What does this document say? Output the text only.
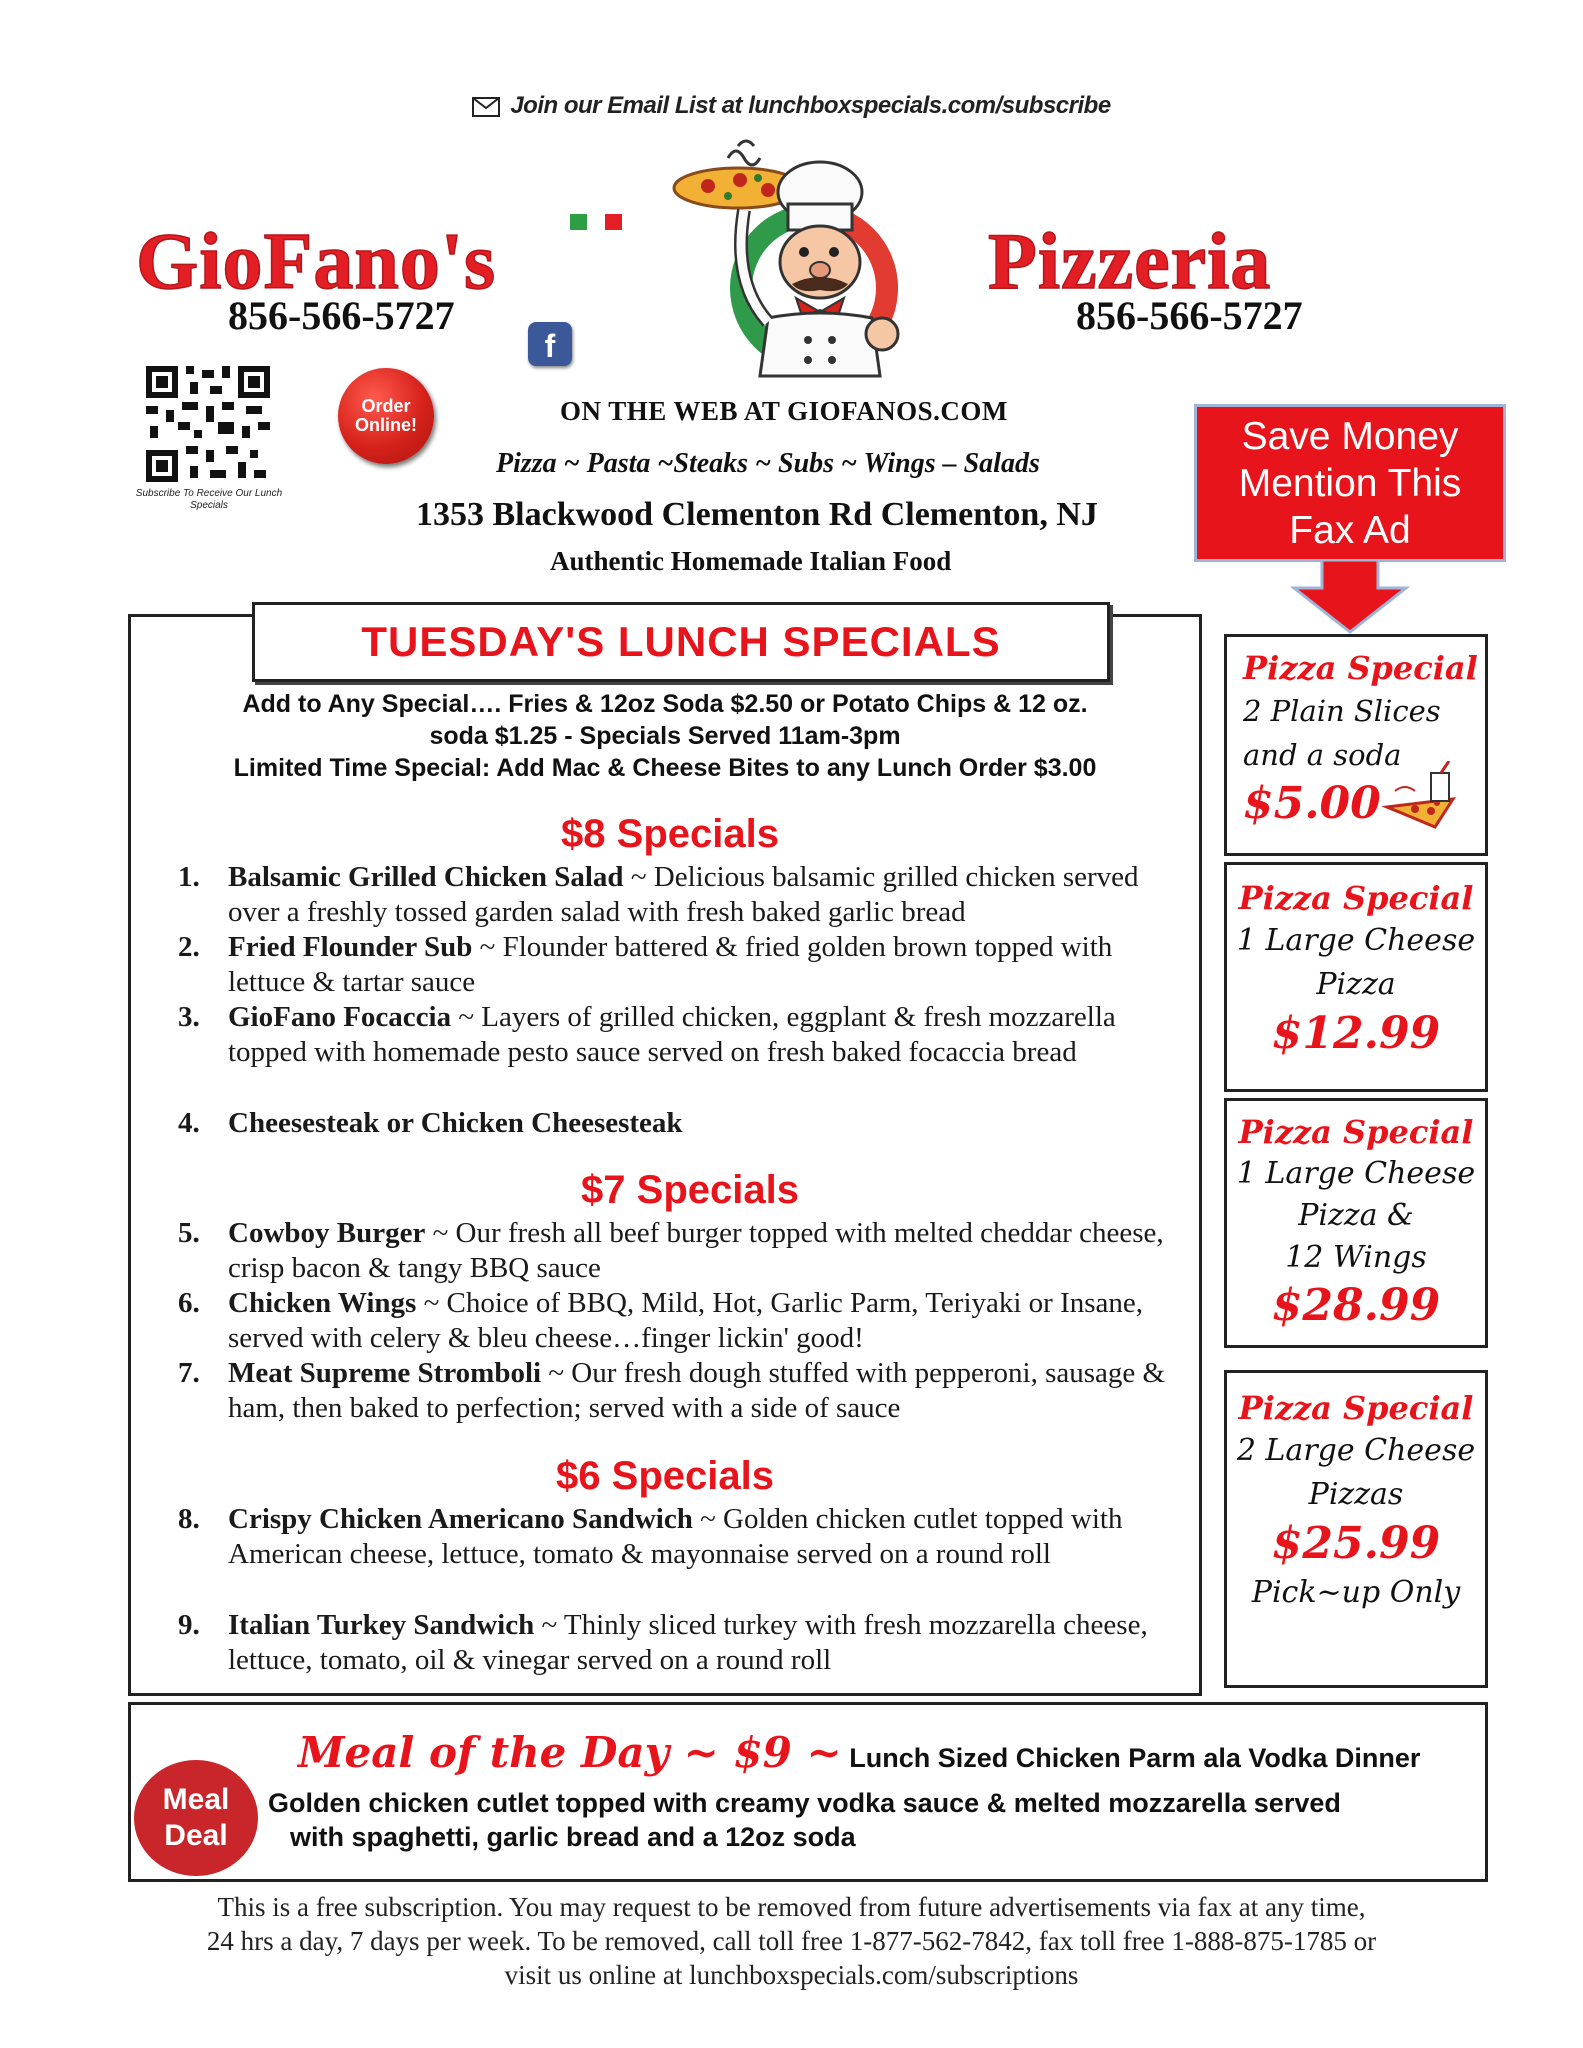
Join our Email List at lunchboxspecials.com/subscribe
GioFano's	Pizzeria
856-566-5727	856-566-5727
f
Subscribe To Receive Our Lunch Specials
Order Online!	ON THE WEB AT GIOFANOS.COM
Pizza ~ Pasta ~Steaks ~ Subs ~ Wings – Salads
1353 Blackwood Clementon Rd Clementon, NJ
Authentic Homemade Italian Food
Save Money
Mention This
Fax Ad
TUESDAY'S LUNCH SPECIALS
Add to Any Special…. Fries & 12oz Soda $2.50 or Potato Chips & 12 oz.
soda $1.25 - Specials Served 11am-3pm
Limited Time Special: Add Mac & Cheese Bites to any Lunch Order $3.00
$8 Specials
$7 Specials
$6 Specials
1. Balsamic Grilled Chicken Salad ~ Delicious balsamic grilled chicken served over a freshly tossed garden salad with fresh baked garlic bread
2. Fried Flounder Sub ~ Flounder battered & fried golden brown topped with lettuce & tartar sauce
3. GioFano Focaccia ~ Layers of grilled chicken, eggplant & fresh mozzarella topped with homemade pesto sauce served on fresh baked focaccia bread
4. Cheesesteak or Chicken Cheesesteak
5. Cowboy Burger ~ Our fresh all beef burger topped with melted cheddar cheese, crisp bacon & tangy BBQ sauce
6. Chicken Wings ~ Choice of BBQ, Mild, Hot, Garlic Parm, Teriyaki or Insane, served with celery & bleu cheese…finger lickin' good!
7. Meat Supreme Stromboli ~ Our fresh dough stuffed with pepperoni, sausage & ham, then baked to perfection; served with a side of sauce
8. Crispy Chicken Americano Sandwich ~ Golden chicken cutlet topped with American cheese, lettuce, tomato & mayonnaise served on a round roll
9. Italian Turkey Sandwich ~ Thinly sliced turkey with fresh mozzarella cheese, lettuce, tomato, oil & vinegar served on a round roll
Pizza Special
2 Plain Slices
and a soda
$5.00
Pizza Special
1 Large Cheese
Pizza
$12.99
Pizza Special
1 Large Cheese
Pizza &
12 Wings
$28.99
Pizza Special
2 Large Cheese
Pizzas
$25.99
Pick~up Only
Meal
Deal
Meal of the Day ~ $9 ~ Lunch Sized Chicken Parm ala Vodka Dinner
Golden chicken cutlet topped with creamy vodka sauce & melted mozzarella served
with spaghetti, garlic bread and a 12oz soda
This is a free subscription. You may request to be removed from future advertisements via fax at any time,
24 hrs a day, 7 days per week. To be removed, call toll free 1-877-562-7842, fax toll free 1-888-875-1785 or
visit us online at lunchboxspecials.com/subscriptions
